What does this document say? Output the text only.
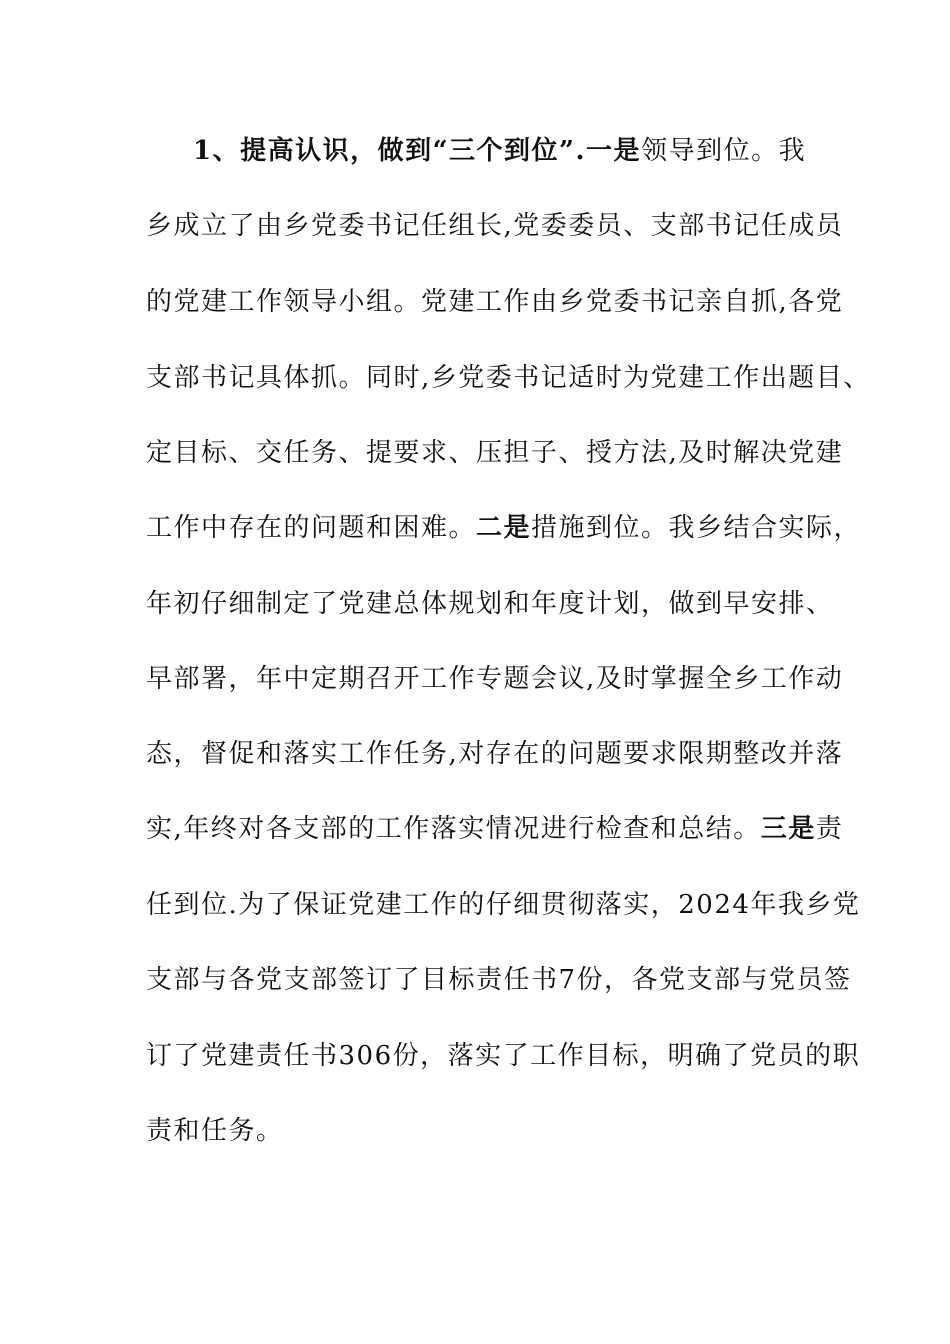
1、提高认识，做到“三个到位”.一是领导到位。我
乡成立了由乡党委书记任组长,党委委员、支部书记任成员
的党建工作领导小组。党建工作由乡党委书记亲自抓,各党
支部书记具体抓。同时,乡党委书记适时为党建工作出题目、
定目标、交任务、提要求、压担子、授方法,及时解决党建
工作中存在的问题和困难。二是措施到位。我乡结合实际，
年初仔细制定了党建总体规划和年度计划，做到早安排、
早部署，年中定期召开工作专题会议,及时掌握全乡工作动
态，督促和落实工作任务,对存在的问题要求限期整改并落
实,年终对各支部的工作落实情况进行检查和总结。三是责
任到位.为了保证党建工作的仔细贯彻落实，2024年我乡党
支部与各党支部签订了目标责任书7份，各党支部与党员签
订了党建责任书306份，落实了工作目标，明确了党员的职
责和任务。
